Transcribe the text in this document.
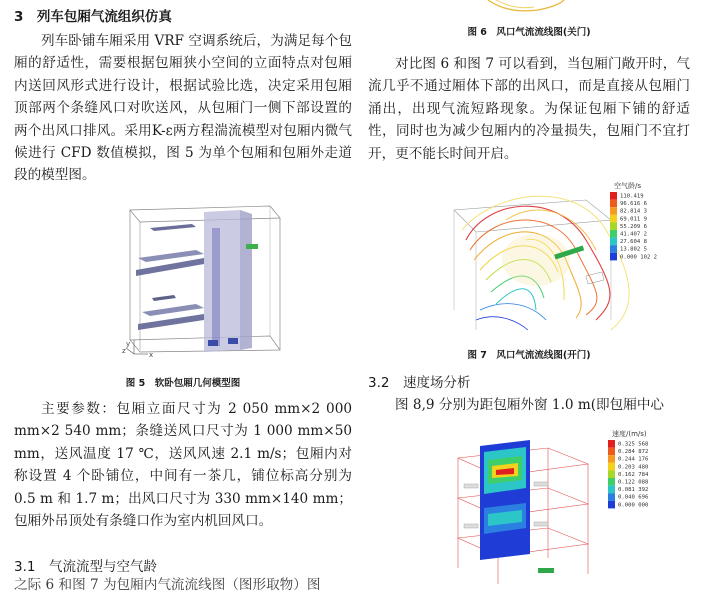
3　列车包厢气流组织仿真

列车卧铺车厢采用 VRF 空调系统后，为满足每个包厢的舒适性，需要根据包厢狭小空间的立面特点对包厢内送回风形式进行设计，根据试验比选，决定采用包厢顶部两个条缝风口对吹送风，从包厢门一侧下部设置的两个出风口排风。采用K-ε两方程湍流模型对包厢内微气候进行 CFD 数值模拟，图 5 为单个包厢和包厢外走道段的模型图。

y
x
z

图 5　软卧包厢几何模型图

主要参数：包厢立面尺寸为 2 050 mm×2 000 mm×2 540 mm；条缝送风口尺寸为 1 000 mm×50 mm，送风温度 17 ℃，送风风速 2.1 m/s；包厢内对称设置 4 个卧铺位，中间有一茶几，铺位标高分别为 0.5 m 和 1.7 m；出风口尺寸为 330 mm×140 mm；包厢外吊顶处有条缝口作为室内机回风口。

3.1　气流流型与空气龄

之际 6 和图 7 为包厢内气流流线图（图形取物）图

图 6　风口气流流线图(关门)

对比图 6 和图 7 可以看到，当包厢门敞开时，气流几乎不通过厢体下部的出风口，而是直接从包厢门涌出，出现气流短路现象。为保证包厢下铺的舒适性，同时也为减少包厢内的冷量损失，包厢门不宜打开，更不能长时间开启。

空气龄/s
110.419
96.616 6
82.814 3
69.011 9
55.209 6
41.407 2
27.604 8
13.802 5
0.000 102 2

图 7　风口气流流线图(开门)

3.2　速度场分析

图 8,9 分别为距包厢外窗 1.0 m(即包厢中心

速度/(m/s)
0.325 568
0.284 872
0.244 176
0.203 480
0.162 784
0.122 088
0.081 392
0.040 696
0.000 000
